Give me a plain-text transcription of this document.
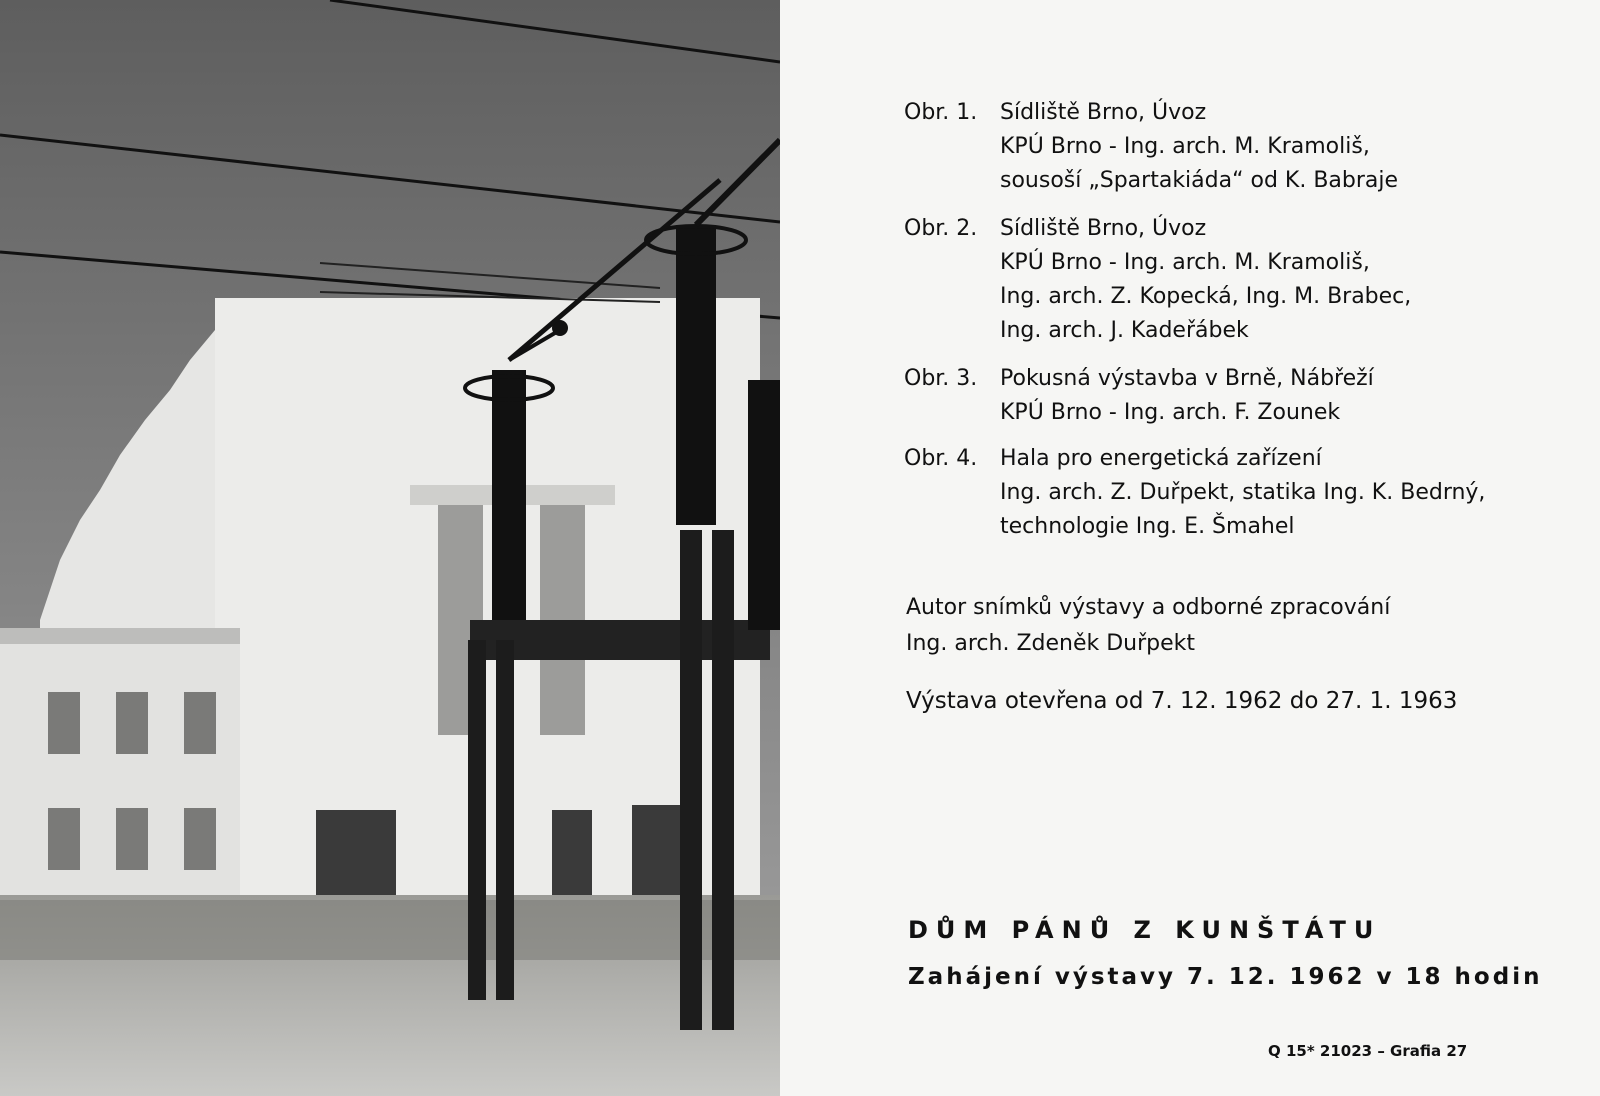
Obr. 1.	Sídliště Brno, Úvoz
KPÚ Brno - Ing. arch. M. Kramoliš,
sousoší „Spartakiáda“ od K. Babraje
Obr. 2.	Sídliště Brno, Úvoz
KPÚ Brno - Ing. arch. M. Kramoliš,
Ing. arch. Z. Kopecká, Ing. M. Brabec,
Ing. arch. J. Kadeřábek
Obr. 3.	Pokusná výstavba v Brně, Nábřeží
KPÚ Brno - Ing. arch. F. Zounek
Obr. 4.	Hala pro energetická zařízení
Ing. arch. Z. Duřpekt, statika Ing. K. Bedrný,
technologie Ing. E. Šmahel
Autor snímků výstavy a odborné zpracování
Ing. arch. Zdeněk Duřpekt
Výstava otevřena od 7. 12. 1962 do 27. 1. 1963
DŮM PÁNŮ Z KUNŠTÁTU
Zahájení výstavy 7. 12. 1962 v 18 hodin
Q 15* 21023 – Grafia 27
